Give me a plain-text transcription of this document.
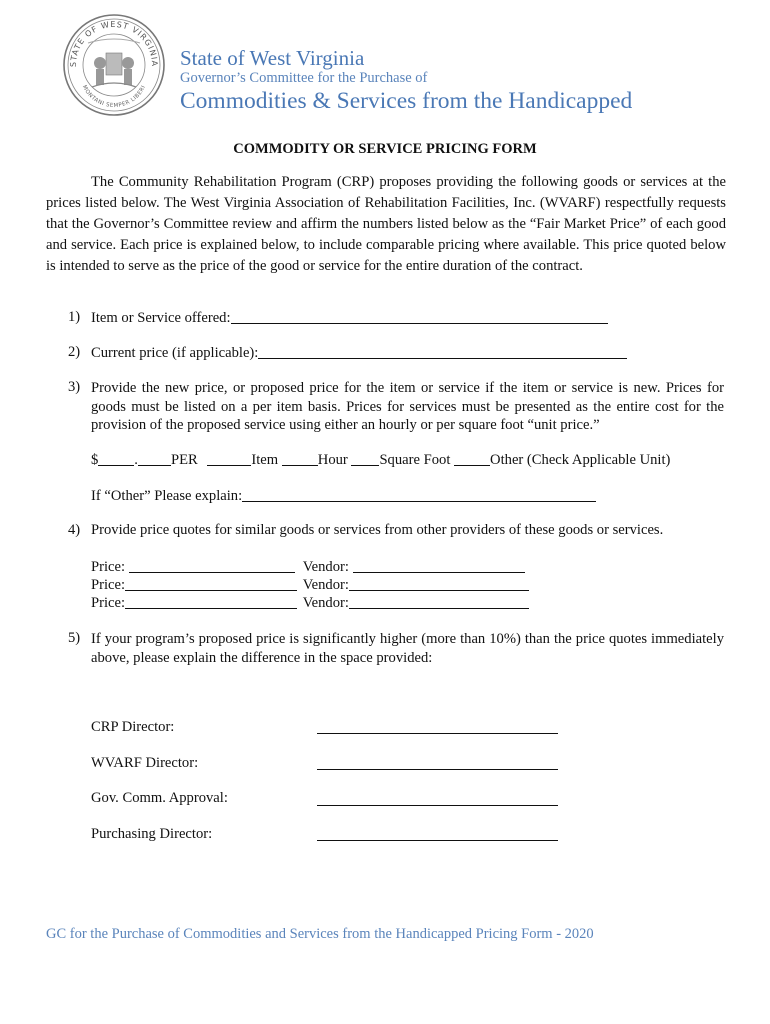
STATE OF WEST VIRGINIA
MONTANI SEMPER LIBERI
State of West Virginia
Governor’s Committee for the Purchase of
Commodities & Services from the Handicapped
COMMODITY OR SERVICE PRICING FORM

The Community Rehabilitation Program (CRP) proposes providing the following goods or services at the prices listed below. The West Virginia Association of Rehabilitation Facilities, Inc. (WVARF) respectfully requests that the Governor’s Committee review and affirm the numbers listed below as the “Fair Market Price” of each good and service. Each price is explained below, to include comparable pricing where available. This price quoted below is intended to serve as the price of the good or service for the entire duration of the contract.

1) Item or Service offered:
2) Current price (if applicable):
3) Provide the new price, or proposed price for the item or service if the item or service is new. Prices for goods must be listed on a per item basis. Prices for services must be presented as the entire cost for the provision of the proposed service using either an hourly or per square foot “unit price.”
$ . PER	Item	Hour Square Foot	Other (Check Applicable Unit)
If “Other” Please explain:
4) Provide price quotes for similar goods or services from other providers of these goods or services.
Price:	Vendor:
Price:	Vendor:
Price:	Vendor:
5) If your program’s proposed price is significantly higher (more than 10%) than the price quotes immediately above, please explain the difference in the space provided:
CRP Director:
WVARF Director:
Gov. Comm. Approval:
Purchasing Director:
GC for the Purchase of Commodities and Services from the Handicapped Pricing Form - 2020
